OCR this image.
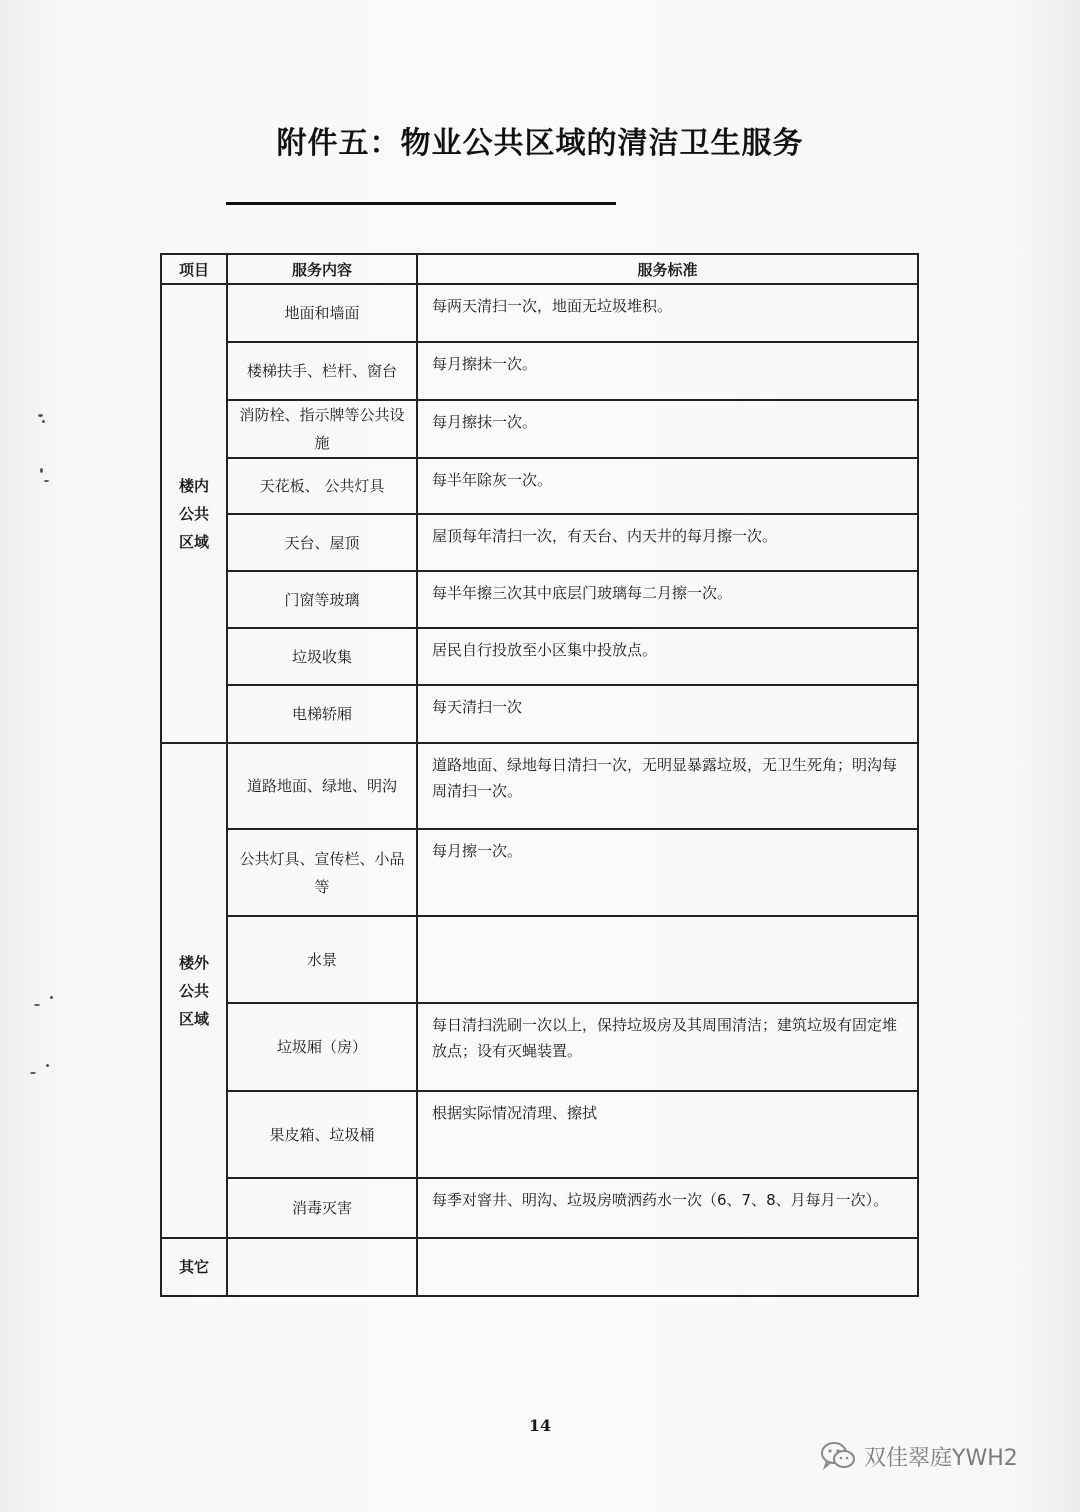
附件五：物业公共区域的清洁卫生服务
项目	服务内容	服务标准
楼内公共区域	地面和墙面	每两天清扫一次，地面无垃圾堆积。
	楼梯扶手、栏杆、窗台	每月擦抹一次。
	消防栓、指示牌等公共设施	每月擦抹一次。
	天花板、 公共灯具	每半年除灰一次。
	天台、屋顶	屋顶每年清扫一次，有天台、内天井的每月擦一次。
	门窗等玻璃	每半年擦三次其中底层门玻璃每二月擦一次。
	垃圾收集	居民自行投放至小区集中投放点。
	电梯轿厢	每天清扫一次
楼外公共区域	道路地面、绿地、明沟	道路地面、绿地每日清扫一次，无明显暴露垃圾，无卫生死角；明沟每周清扫一次。
	公共灯具、宣传栏、小品等	每月擦一次。
	水景	
	垃圾厢（房）	每日清扫洗刷一次以上，保持垃圾房及其周围清洁；建筑垃圾有固定堆放点；设有灭蝇装置。
	果皮箱、垃圾桶	根据实际情况清理、擦拭
	消毒灭害	每季对窨井、明沟、垃圾房喷洒药水一次（6、7、8、月每月一次）。
其它		
14
双佳翠庭YWH2
